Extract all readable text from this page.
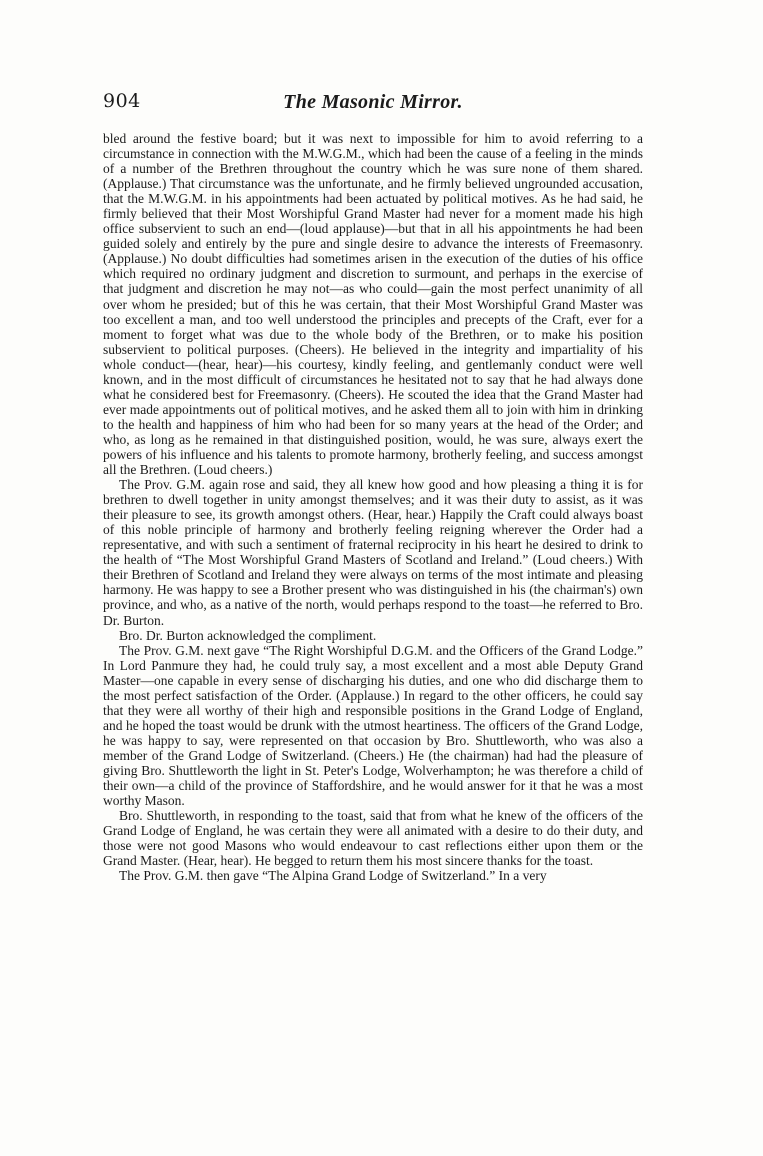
904	The Masonic Mirror.

bled around the festive board; but it was next to impossible for him to avoid referring to a circumstance in connection with the M.W.G.M., which had been the cause of a feeling in the minds of a number of the Brethren throughout the country which he was sure none of them shared. (Applause.) That circumstance was the unfortunate, and he firmly believed ungrounded accusation, that the M.W.G.M. in his appointments had been actuated by political motives. As he had said, he firmly believed that their Most Worshipful Grand Master had never for a moment made his high office subservient to such an end—(loud applause)—but that in all his appointments he had been guided solely and entirely by the pure and single desire to advance the interests of Freemasonry. (Applause.) No doubt difficulties had sometimes arisen in the execution of the duties of his office which required no ordinary judgment and discretion to surmount, and perhaps in the exercise of that judgment and discretion he may not—as who could—gain the most perfect unanimity of all over whom he presided; but of this he was certain, that their Most Worshipful Grand Master was too excellent a man, and too well understood the principles and precepts of the Craft, ever for a moment to forget what was due to the whole body of the Brethren, or to make his position subservient to political purposes. (Cheers). He believed in the integrity and impartiality of his whole conduct—(hear, hear)—his courtesy, kindly feeling, and gentlemanly conduct were well known, and in the most difficult of circumstances he hesitated not to say that he had always done what he considered best for Freemasonry. (Cheers). He scouted the idea that the Grand Master had ever made appointments out of political motives, and he asked them all to join with him in drinking to the health and happiness of him who had been for so many years at the head of the Order; and who, as long as he remained in that distinguished position, would, he was sure, always exert the powers of his influence and his talents to promote harmony, brotherly feeling, and success amongst all the Brethren. (Loud cheers.)

The Prov. G.M. again rose and said, they all knew how good and how pleasing a thing it is for brethren to dwell together in unity amongst themselves; and it was their duty to assist, as it was their pleasure to see, its growth amongst others. (Hear, hear.) Happily the Craft could always boast of this noble principle of harmony and brotherly feeling reigning wherever the Order had a representative, and with such a sentiment of fraternal reciprocity in his heart he desired to drink to the health of “The Most Worshipful Grand Masters of Scotland and Ireland.” (Loud cheers.) With their Brethren of Scotland and Ireland they were always on terms of the most intimate and pleasing harmony. He was happy to see a Brother present who was distinguished in his (the chairman's) own province, and who, as a native of the north, would perhaps respond to the toast—he referred to Bro. Dr. Burton.

Bro. Dr. Burton acknowledged the compliment.

The Prov. G.M. next gave “The Right Worshipful D.G.M. and the Officers of the Grand Lodge.” In Lord Panmure they had, he could truly say, a most excellent and a most able Deputy Grand Master—one capable in every sense of discharging his duties, and one who did discharge them to the most perfect satisfaction of the Order. (Applause.) In regard to the other officers, he could say that they were all worthy of their high and responsible positions in the Grand Lodge of England, and he hoped the toast would be drunk with the utmost heartiness. The officers of the Grand Lodge, he was happy to say, were represented on that occasion by Bro. Shuttleworth, who was also a member of the Grand Lodge of Switzerland. (Cheers.) He (the chairman) had had the pleasure of giving Bro. Shuttleworth the light in St. Peter's Lodge, Wolverhampton; he was therefore a child of their own—a child of the province of Staffordshire, and he would answer for it that he was a most worthy Mason.

Bro. Shuttleworth, in responding to the toast, said that from what he knew of the officers of the Grand Lodge of England, he was certain they were all animated with a desire to do their duty, and those were not good Masons who would endeavour to cast reflections either upon them or the Grand Master. (Hear, hear). He begged to return them his most sincere thanks for the toast.

The Prov. G.M. then gave “The Alpina Grand Lodge of Switzerland.” In a very
